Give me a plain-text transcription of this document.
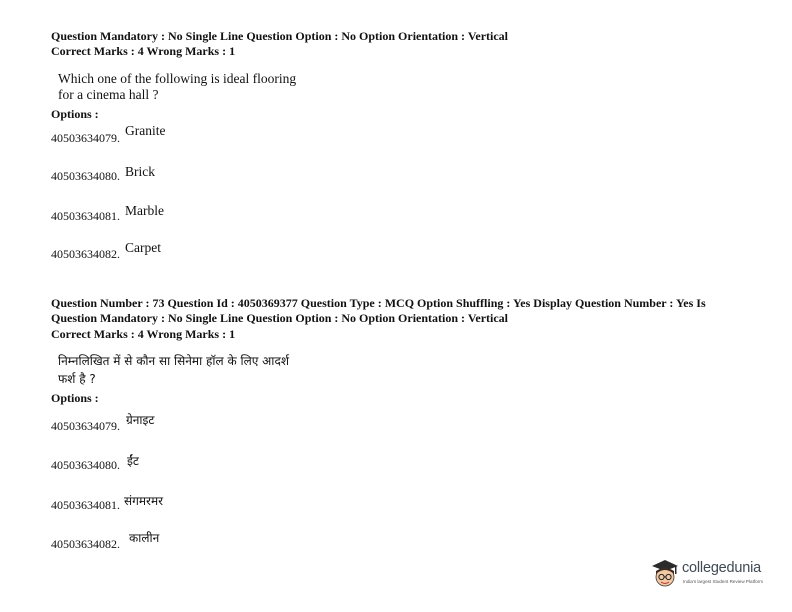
Question Mandatory : No Single Line Question Option : No Option Orientation : Vertical
Correct Marks : 4 Wrong Marks : 1
Which one of the following is ideal flooring
for a cinema hall ?
Options :
40503634079. Granite
40503634080. Brick
40503634081. Marble
40503634082. Carpet
Question Number : 73 Question Id : 4050369377 Question Type : MCQ Option Shuffling : Yes Display Question Number : Yes Is
Question Mandatory : No Single Line Question Option : No Option Orientation : Vertical
Correct Marks : 4 Wrong Marks : 1
निम्नलिखित में से कौन सा सिनेमा हॉल के लिए आदर्श
फर्श है ?
Options :
40503634079. ग्रेनाइट
40503634080. ईंट
40503634081. संगमरमर
40503634082. कालीन
collegedunia
India's largest Student Review Platform
